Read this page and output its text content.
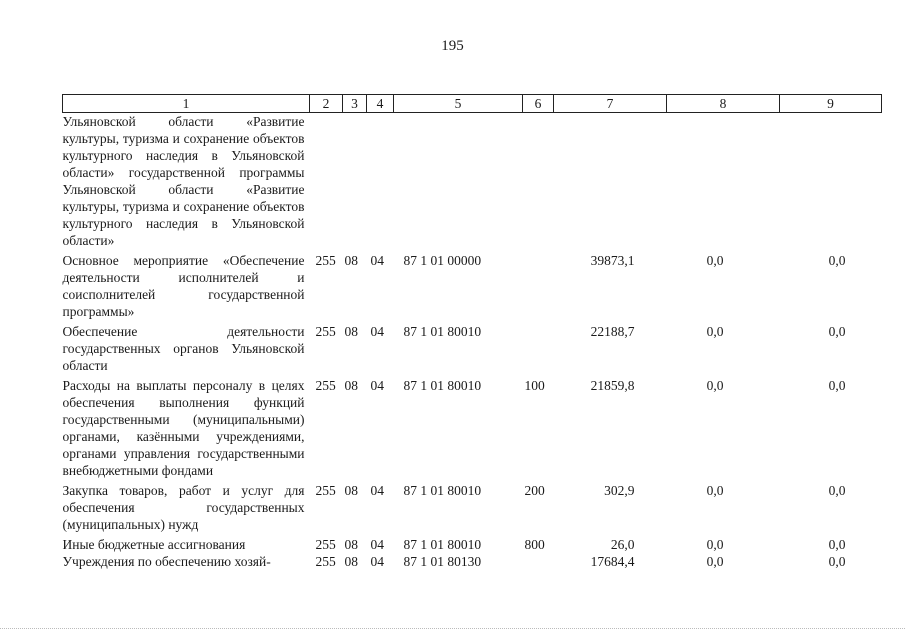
195
1	2	3	4	5	6	7	8	9
Ульяновской области «Развитие культуры, туризма и сохранение объектов культурного наследия в Ульяновской области» государственной программы Ульяновской области «Развитие культуры, туризма и сохранение объектов культурного наследия в Ульяновской области»								
Основное мероприятие «Обеспечение деятельности исполнителей и соисполнителей государственной программы»	255	08	04	87 1 01 00000		39873,1	0,0	0,0
Обеспечение деятельности государственных органов Ульяновской области	255	08	04	87 1 01 80010		22188,7	0,0	0,0
Расходы на выплаты персоналу в целях обеспечения выполнения функций государственными (муниципальными) органами, казёнными учреждениями, органами управления государственными внебюджетными фондами	255	08	04	87 1 01 80010	100	21859,8	0,0	0,0
Закупка товаров, работ и услуг для обеспечения государственных (муниципальных) нужд	255	08	04	87 1 01 80010	200	302,9	0,0	0,0
Иные бюджетные ассигнования	255	08	04	87 1 01 80010	800	26,0	0,0	0,0
Учреждения по обеспечению хозяй-	255	08	04	87 1 01 80130		17684,4	0,0	0,0
